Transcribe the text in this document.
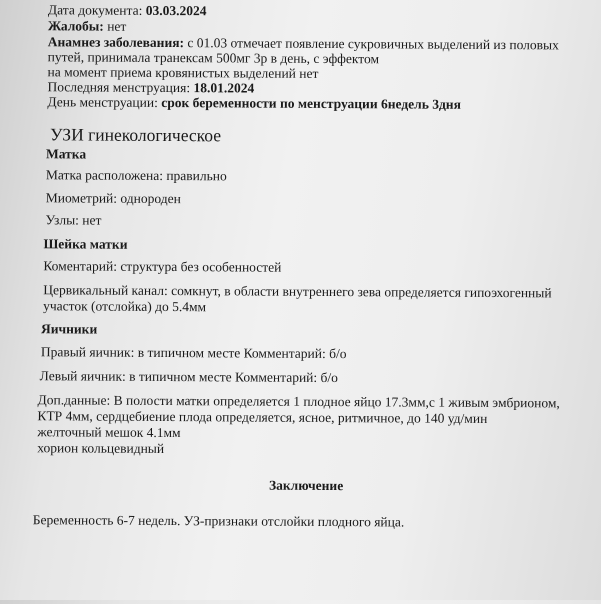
Дата документа: 03.03.2024
Жалобы: нет
Анамнез заболевания: с 01.03 отмечает появление сукровичных выделений из половых
путей, принимала транексам 500мг 3р в день, с эффектом
на момент приема кровянистых выделений нет
Последняя менструация: 18.01.2024
День менструации: срок беременности по менструации 6недель 3дня
УЗИ гинекологическое
Матка
Матка расположена: правильно
Миометрий: однороден
Узлы: нет
Шейка матки
Коментарий: структура без особенностей
Цервикальный канал: сомкнут, в области внутреннего зева определяется гипоэхогенный
участок (отслойка) до 5.4мм
Яичники
Правый яичник: в типичном месте Комментарий: б/о
Левый яичник: в типичном месте Комментарий: б/о
Доп.данные: В полости матки определяется 1 плодное яйцо 17.3мм,с 1 живым эмбрионом,
КТР 4мм, сердцебиение плода определяется, ясное, ритмичное, до 140 уд/мин
желточный мешок 4.1мм
хорион кольцевидный
Заключение
Беременность 6-7 недель. УЗ-признаки отслойки плодного яйца.
